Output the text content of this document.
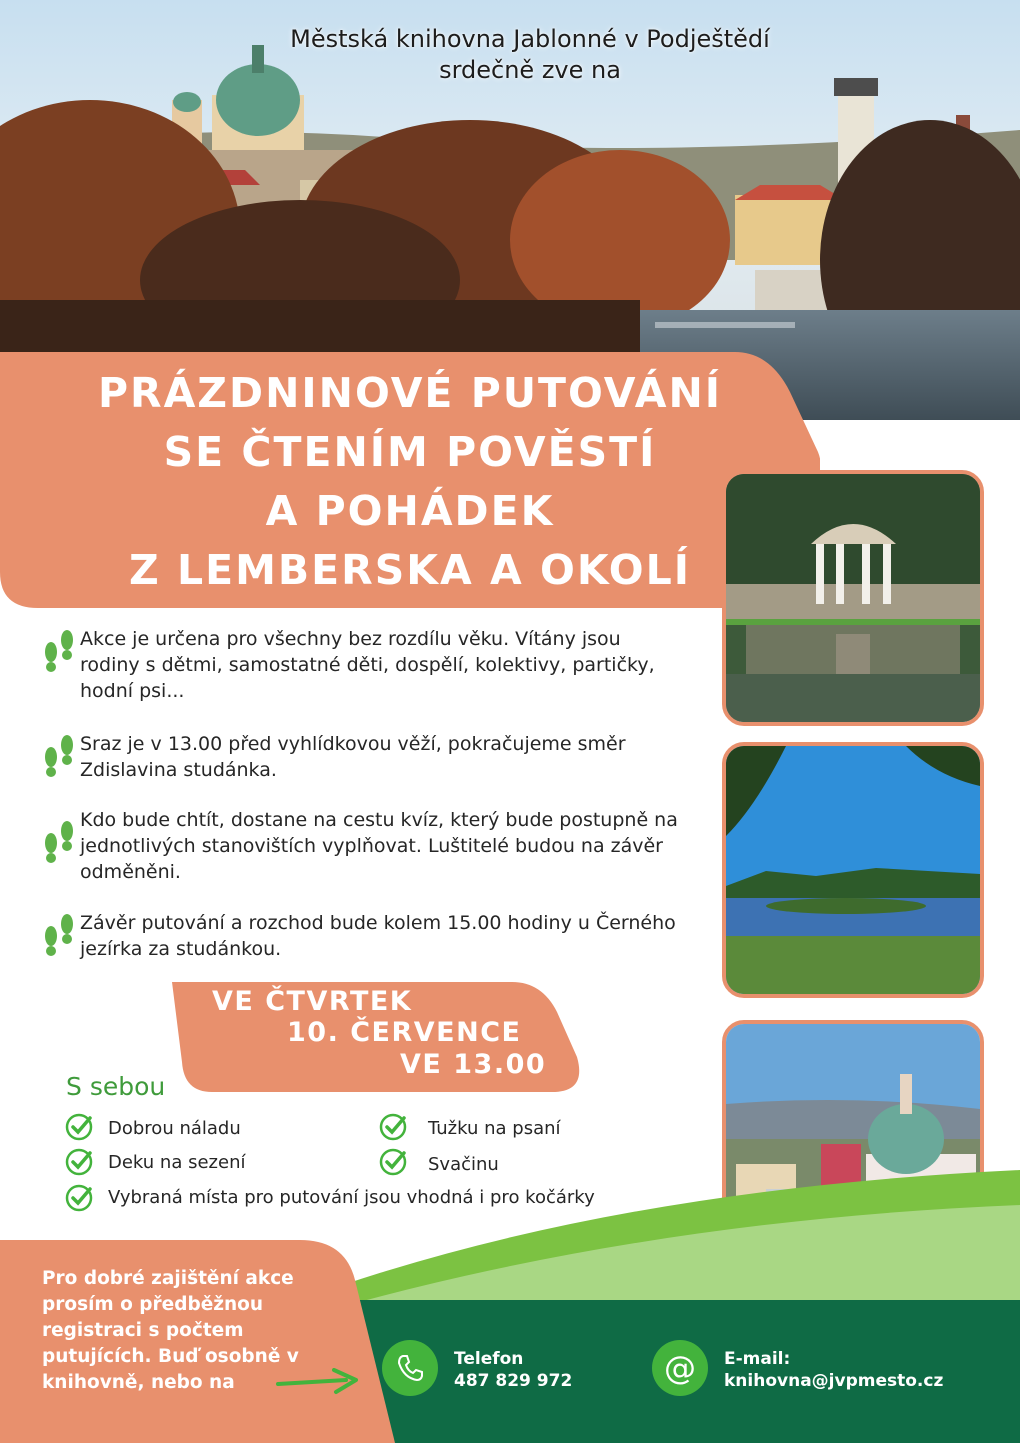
Městská knihovna Jablonné v Podještědí
srdečně zve na
PRÁZDNINOVÉ PUTOVÁNÍ
SE ČTENÍM POVĚSTÍ
A POHÁDEK
Z LEMBERSKA A OKOLÍ

Akce je určena pro všechny bez rozdílu věku. Vítány jsou rodiny s dětmi, samostatné děti, dospělí, kolektivy, partičky, hodní psi...

Sraz je v 13.00 před vyhlídkovou věží, pokračujeme směr Zdislavina studánka.

Kdo bude chtít, dostane na cestu kvíz, který bude postupně na jednotlivých stanovištích vyplňovat. Luštitelé budou na závěr odměněni.

Závěr putování a rozchod bude kolem 15.00 hodiny u Černého jezírka za studánkou.

VE ČTVRTEK
10. ČERVENCE
VE 13.00
S sebou
Dobrou náladu	Tužku na psaní
Deku na sezení	Svačinu
Vybraná místa pro putování jsou vhodná i pro kočárky
Pro dobré zajištění akce prosím o předběžnou registraci s počtem putujících. Buď osobně v knihovně, nebo na
Telefon
487 829 972	@ E-mail:
knihovna@jvpmesto.cz
